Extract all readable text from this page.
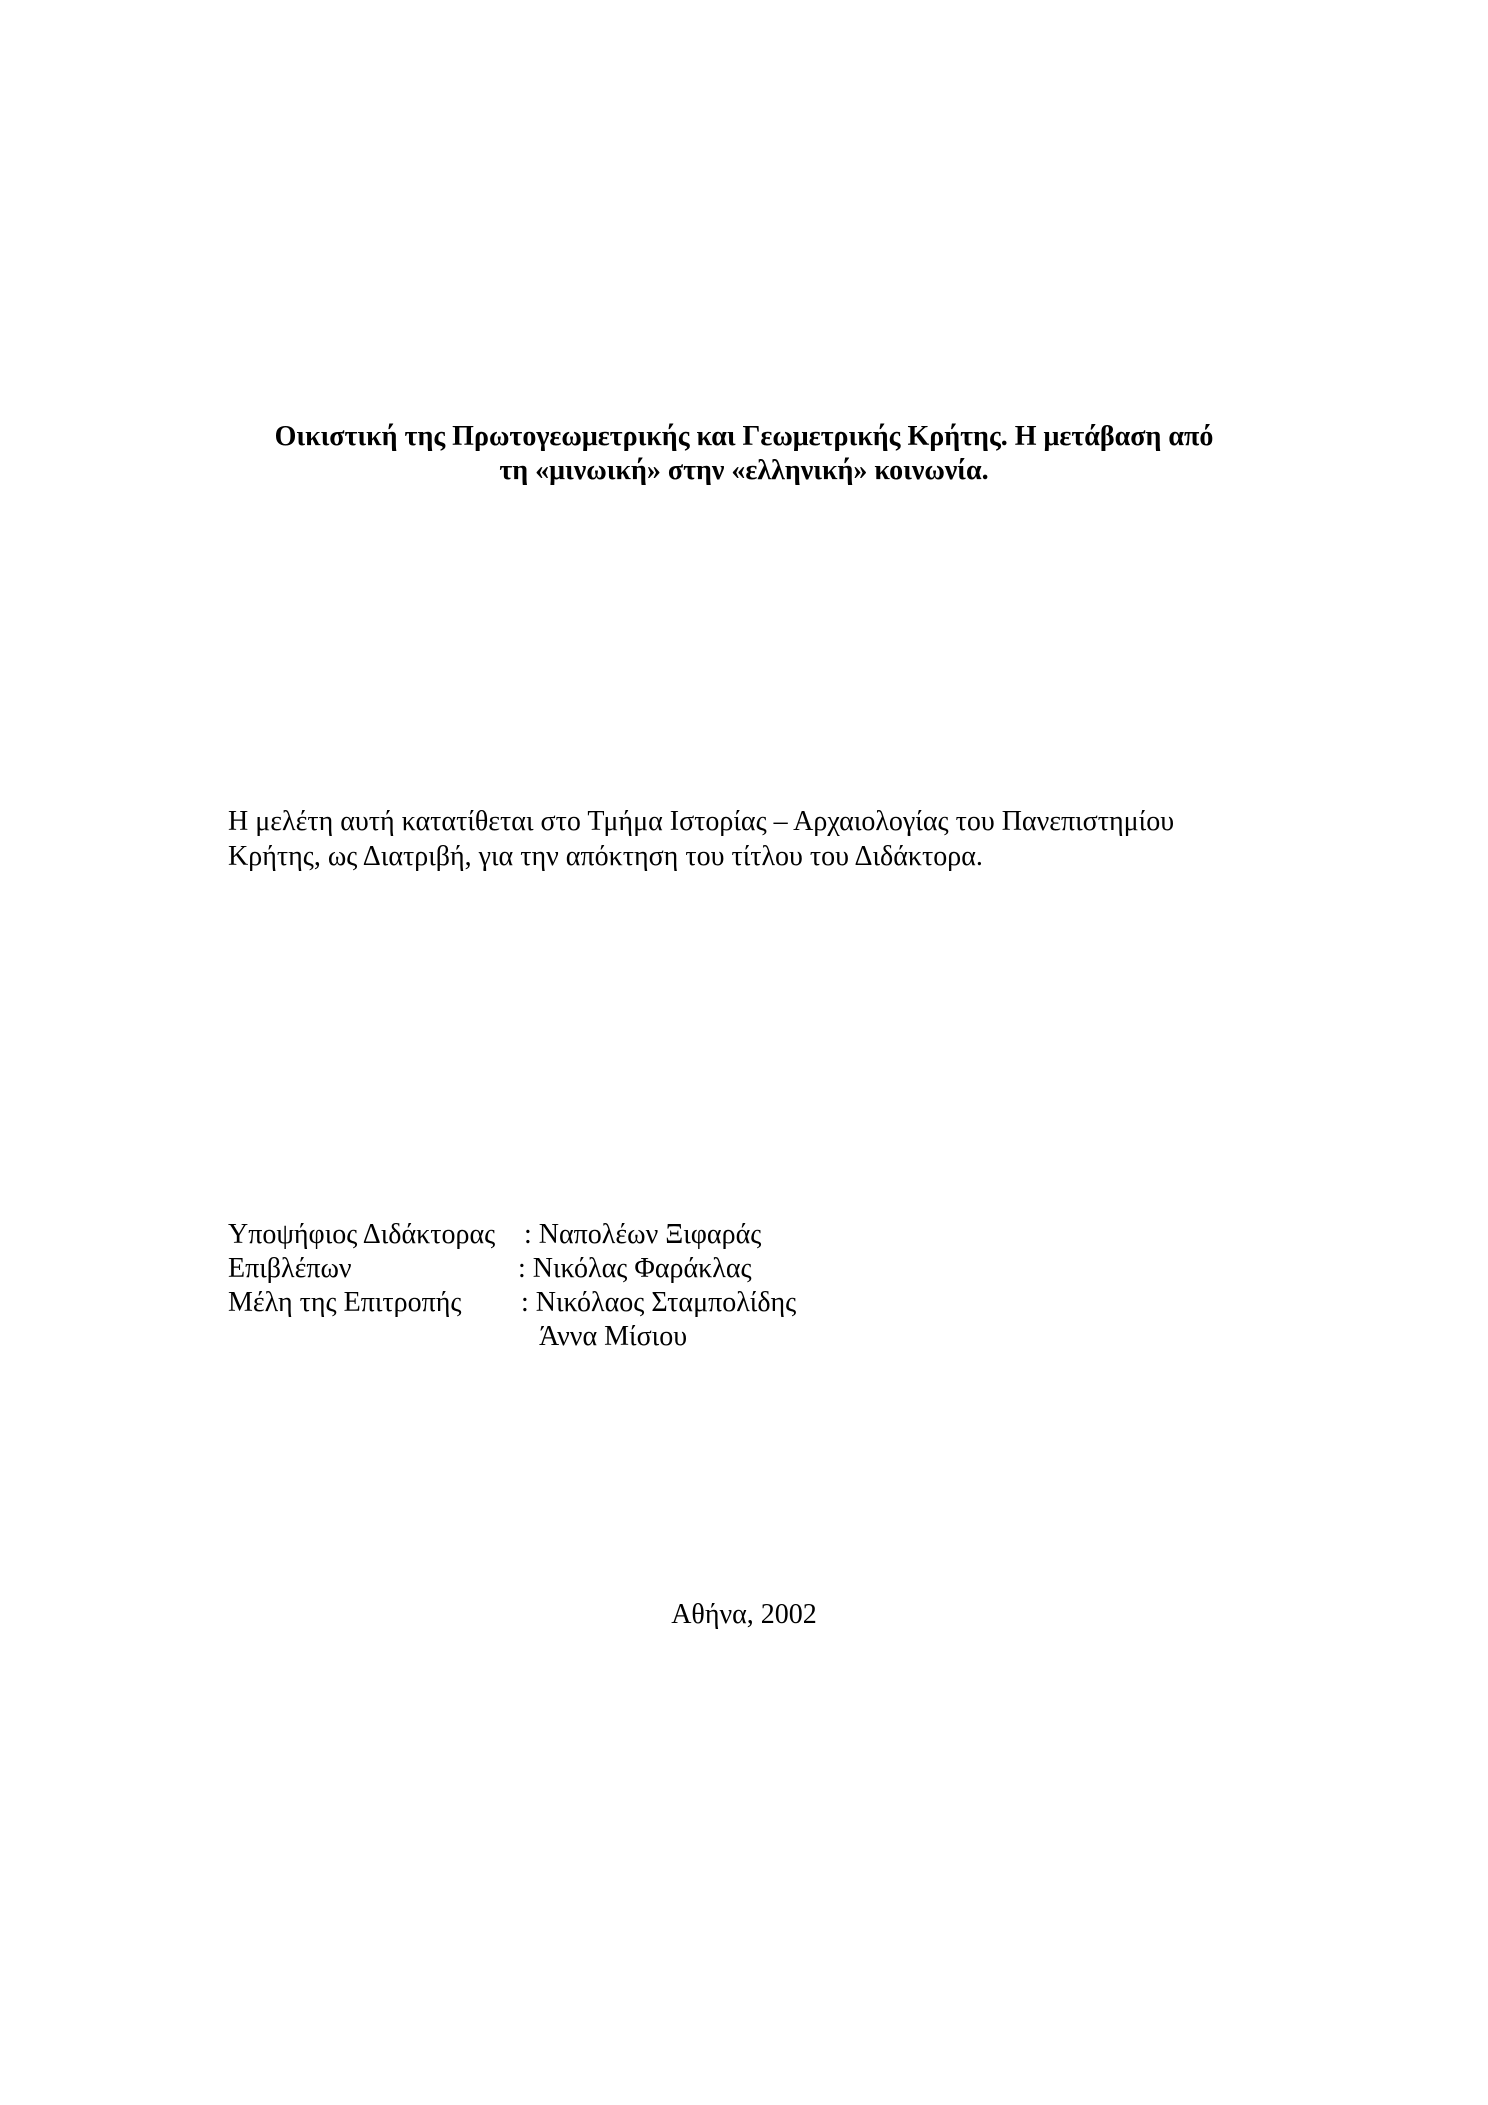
Οικιστική της Πρωτογεωμετρικής και Γεωμετρικής Κρήτης. Η μετάβαση από
τη «μινωική» στην «ελληνική» κοινωνία.
Η μελέτη αυτή κατατίθεται στο Τμήμα Ιστορίας – Αρχαιολογίας του Πανεπιστημίου
Κρήτης, ως Διατριβή, για την απόκτηση του τίτλου του Διδάκτορα.
Υποψήφιος Διδάκτορας : Ναπολέων Ξιφαράς
Επιβλέπων	: Νικόλας Φαράκλας
Μέλη της Επιτροπής : Νικόλαος Σταμπολίδης
Άννα Μίσιου
Αθήνα, 2002
